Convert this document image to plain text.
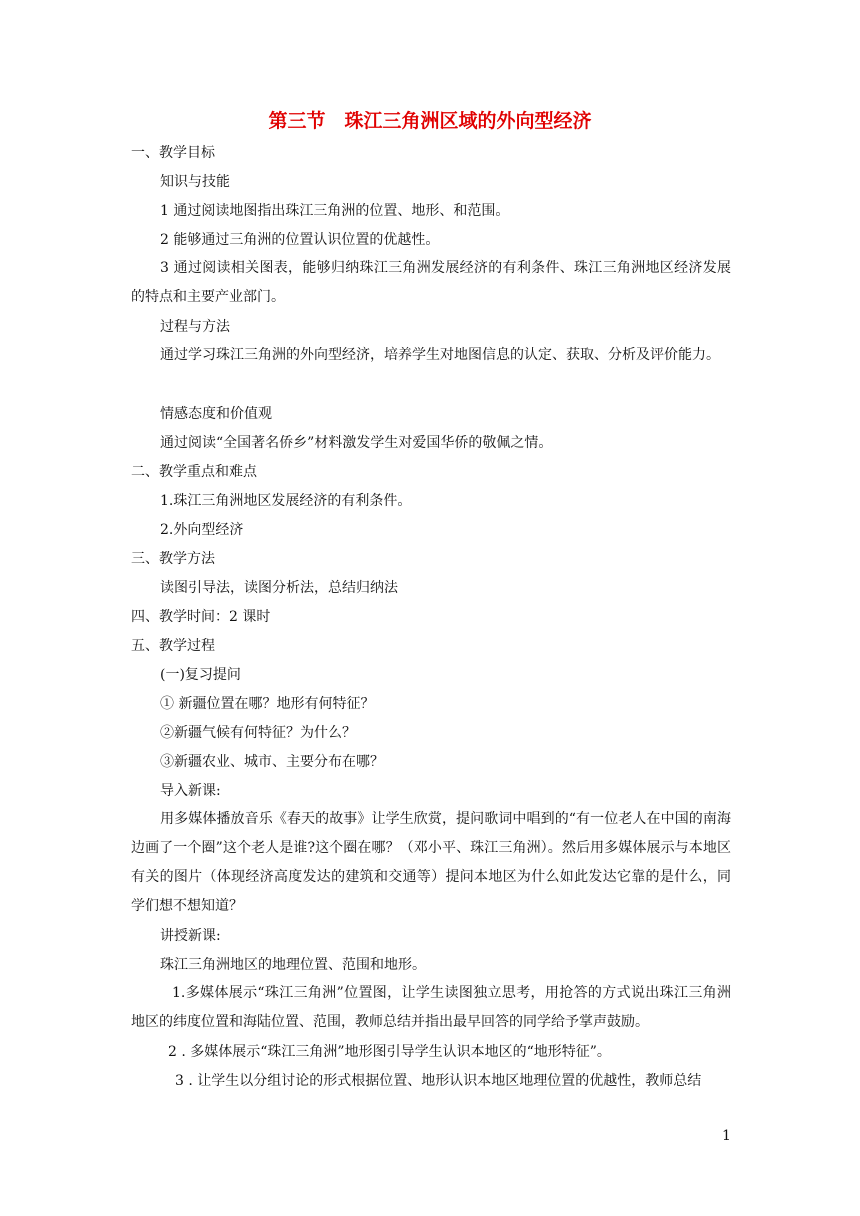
第三节　珠江三角洲区域的外向型经济
一、教学目标
知识与技能
1 通过阅读地图指出珠江三角洲的位置、地形、和范围。
2 能够通过三角洲的位置认识位置的优越性。
3 通过阅读相关图表，能够归纳珠江三角洲发展经济的有利条件、珠江三角洲地区经济发展的特点和主要产业部门。
过程与方法
通过学习珠江三角洲的外向型经济，培养学生对地图信息的认定、获取、分析及评价能力。
情感态度和价值观
通过阅读“全国著名侨乡”材料激发学生对爱国华侨的敬佩之情。
二、教学重点和难点
1.珠江三角洲地区发展经济的有利条件。
2.外向型经济
三、教学方法
读图引导法，读图分析法，总结归纳法
四、教学时间：2 课时
五、教学过程
(一)复习提问
① 新疆位置在哪？地形有何特征？
②新疆气候有何特征？为什么？
③新疆农业、城市、主要分布在哪？
导入新课:
用多媒体播放音乐《春天的故事》让学生欣赏，提问歌词中唱到的“有一位老人在中国的南海边画了一个圈”这个老人是谁?这个圈在哪？（邓小平、珠江三角洲）。然后用多媒体展示与本地区有关的图片（体现经济高度发达的建筑和交通等）提问本地区为什么如此发达它靠的是什么，同学们想不想知道？
讲授新课:
珠江三角洲地区的地理位置、范围和地形。
1.多媒体展示“珠江三角洲”位置图，让学生读图独立思考，用抢答的方式说出珠江三角洲地区的纬度位置和海陆位置、范围，教师总结并指出最早回答的同学给予掌声鼓励。
2 . 多媒体展示“珠江三角洲”地形图引导学生认识本地区的“地形特征”。
3 . 让学生以分组讨论的形式根据位置、地形认识本地区地理位置的优越性，教师总结
1
